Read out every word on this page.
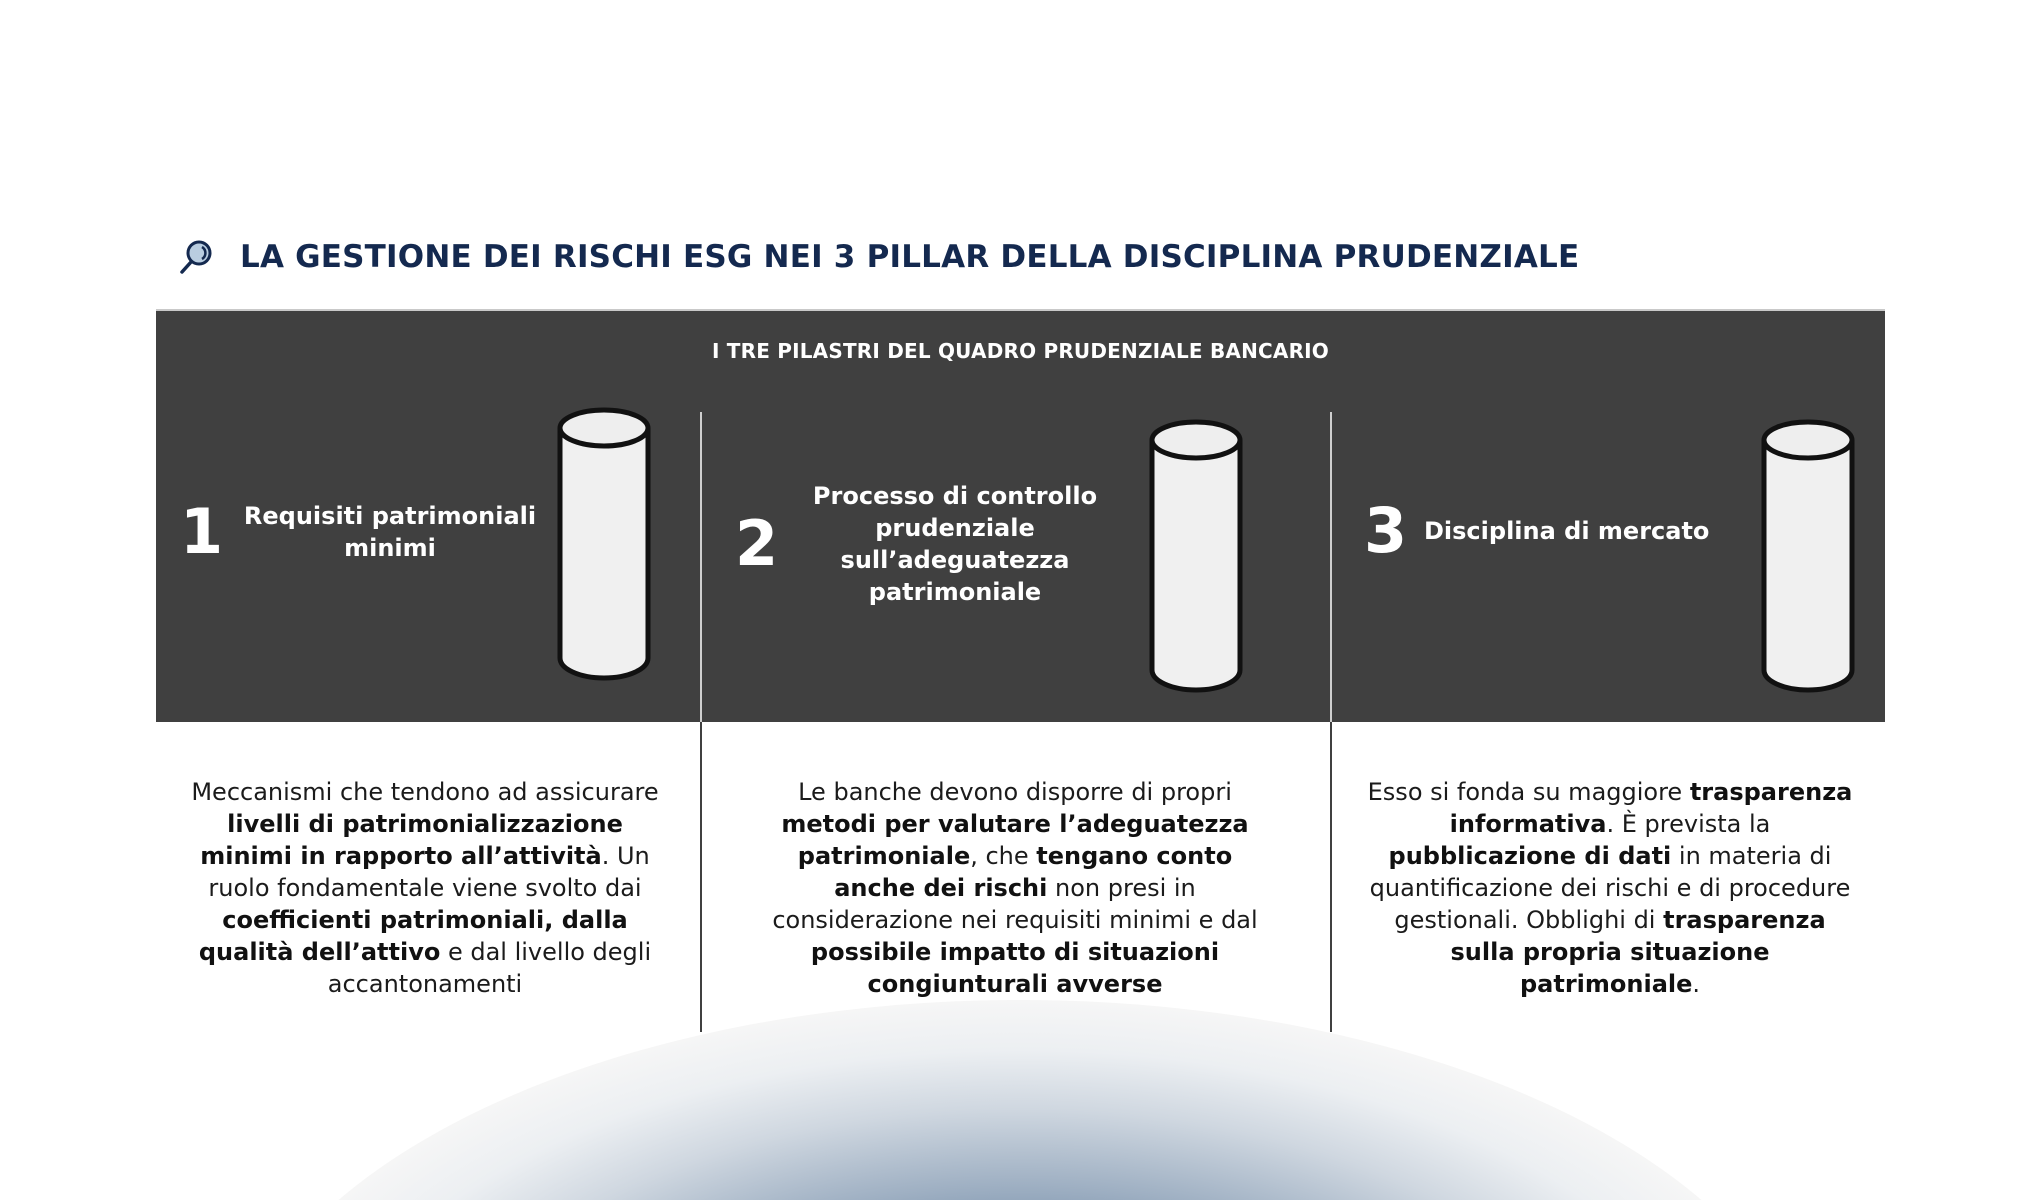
LA GESTIONE DEI RISCHI ESG NEI 3 PILLAR DELLA DISCIPLINA PRUDENZIALE
I TRE PILASTRI DEL QUADRO PRUDENZIALE BANCARIO
1 Requisiti patrimoniali minimi	2
Processo di controllo prudenziale sull’adeguatezza patrimoniale
3 Disciplina di mercato
Meccanismi che tendono ad assicurare livelli di patrimonializzazione minimi in rapporto all’attività. Un ruolo fondamentale viene svolto dai coefficienti patrimoniali, dalla qualità dell’attivo e dal livello degli accantonamenti
Le banche devono disporre di propri metodi per valutare l’adeguatezza patrimoniale, che tengano conto anche dei rischi non presi in considerazione nei requisiti minimi e dal possibile impatto di situazioni congiunturali avverse
Esso si fonda su maggiore trasparenza informativa. È prevista la pubblicazione di dati in materia di quantificazione dei rischi e di procedure gestionali. Obblighi di trasparenza sulla propria situazione patrimoniale.
